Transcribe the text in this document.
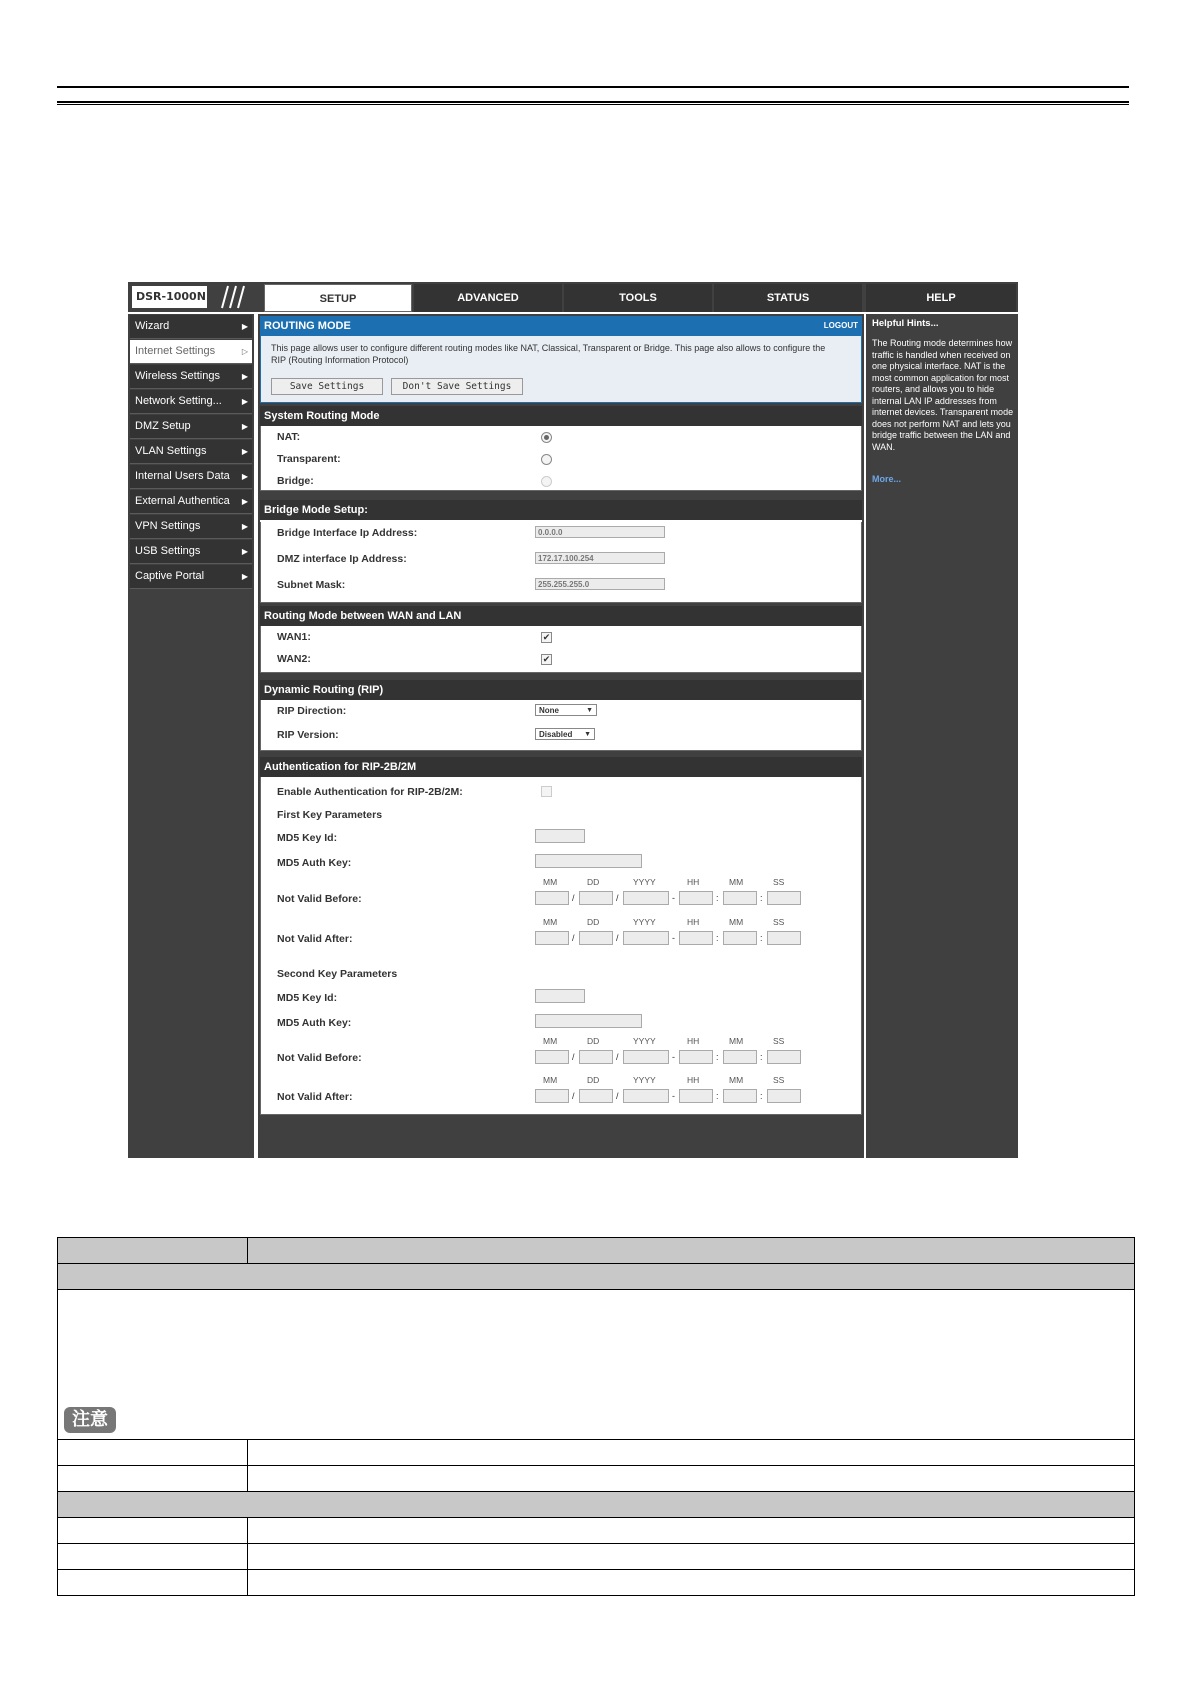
DSR-1000N	SETUP	ADVANCED	TOOLS	STATUS	HELP
Wizard	▶
Internet Settings	▷
Wireless Settings	▶
Network Setting...	▶
DMZ Setup	▶
VLAN Settings	▶
Internal Users Data ▶
External Authentica ▶
VPN Settings	▶
USB Settings	▶
Captive Portal	▶
ROUTING MODE	LOGOUT
This page allows user to configure different routing modes like NAT, Classical, Transparent or Bridge. This page also allows to configure the RIP (Routing Information Protocol)
Save Settings	Don't Save Settings
System Routing Mode
NAT:
Transparent:
Bridge:
Bridge Mode Setup:
Bridge Interface Ip Address:	0.0.0.0
DMZ interface Ip Address:	172.17.100.254
Subnet Mask:	255.255.255.0
Routing Mode between WAN and LAN
WAN1:	✔
WAN2:	✔
Dynamic Routing (RIP)
RIP Direction:	None	▼
RIP Version:	Disabled ▼
Authentication for RIP-2B/2M
Enable Authentication for RIP-2B/2M:
First Key Parameters
MD5 Key Id:
MD5 Auth Key:
Not Valid Before:
MM	DD	YYYY	HH	MM	SS
/	/	-	:	:
Not Valid After:
MM	DD	YYYY	HH	MM	SS
/	/	-	:	:
Second Key Parameters
MD5 Key Id:
MD5 Auth Key:
Not Valid Before:
MM	DD	YYYY	HH	MM	SS
/	/	-	:	:
Not Valid After:
MM	DD	YYYY	HH	MM	SS
/	/	-	:	:
Helpful Hints...
The Routing mode determines how traffic is handled when received on one physical interface. NAT is the most common application for most routers, and allows you to hide internal LAN IP addresses from internet devices. Transparent mode does not perform NAT and lets you bridge traffic between the LAN and WAN.
More...

注意	
